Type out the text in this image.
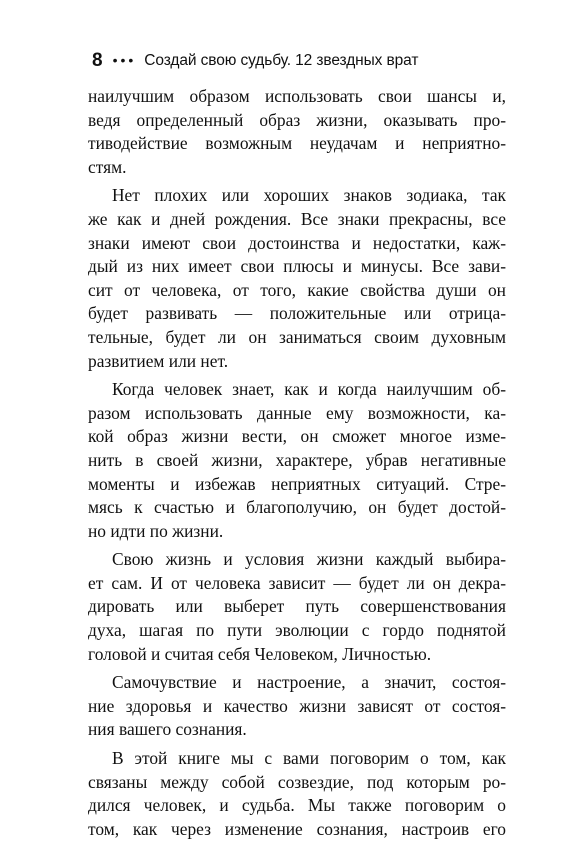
8 ••• Создай свою судьбу. 12 звездных врат
наилучшим образом использовать свои шансы и,
ведя определенный образ жизни, оказывать про-
тиводействие возможным неудачам и неприятно-
стям.
Нет плохих или хороших знаков зодиака, так
же как и дней рождения. Все знаки прекрасны, все
знаки имеют свои достоинства и недостатки, каж-
дый из них имеет свои плюсы и минусы. Все зави-
сит от человека, от того, какие свойства души он
будет развивать — положительные или отрица-
тельные, будет ли он заниматься своим духовным
развитием или нет.
Когда человек знает, как и когда наилучшим об-
разом использовать данные ему возможности, ка-
кой образ жизни вести, он сможет многое изме-
нить в своей жизни, характере, убрав негативные
моменты и избежав неприятных ситуаций. Стре-
мясь к счастью и благополучию, он будет достой-
но идти по жизни.
Свою жизнь и условия жизни каждый выбира-
ет сам. И от человека зависит — будет ли он декра-
дировать или выберет путь совершенствования
духа, шагая по пути эволюции с гордо поднятой
головой и считая себя Человеком, Личностью.
Самочувствие и настроение, а значит, состоя-
ние здоровья и качество жизни зависят от состоя-
ния вашего сознания.
В этой книге мы с вами поговорим о том, как
связаны между собой созвездие, под которым ро-
дился человек, и судьба. Мы также поговорим о
том, как через изменение сознания, настроив его
